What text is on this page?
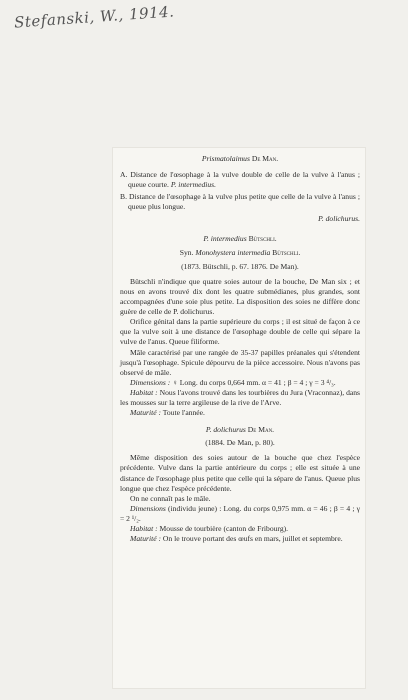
Stefanski, W., 1914.
Prismatolaimus De Man.

A. Distance de l'œsophage à la vulve double de celle de la vulve à l'anus ; queue courte. P. intermedius.

B. Distance de l'œsophage à la vulve plus petite que celle de la vulve à l'anus ; queue plus longue.

P. dolichurus.

P. intermedius Bütschli.
Syn. Monohystera intermedia Bütschli.
(1873. Bütschli, p. 67. 1876. De Man).

Bütschli n'indique que quatre soies autour de la bouche, De Man six ; et nous en avons trouvé dix dont les quatre submédianes, plus grandes, sont accompagnées d'une soie plus petite. La disposition des soies ne diffère donc guère de celle de P. dolichurus.

Orifice génital dans la partie supérieure du corps ; il est situé de façon à ce que la vulve soit à une distance de l'œsophage double de celle qui sépare la vulve de l'anus. Queue filiforme.

Mâle caractérisé par une rangée de 35-37 papilles préanales qui s'étendent jusqu'à l'œsophage. Spicule dépourvu de la pièce accessoire. Nous n'avons pas observé de mâle.

Dimensions : ♀ Long. du corps 0,664 mm. α = 41 ; β = 4 ; γ = 3 ⁴/₃.

Habitat : Nous l'avons trouvé dans les tourbières du Jura (Vraconnaz), dans les mousses sur la terre argileuse de la rive de l'Arve.

Maturité : Toute l'année.

P. dolichurus De Man.
(1884. De Man, p. 80).

Même disposition des soies autour de la bouche que chez l'espèce précédente. Vulve dans la partie antérieure du corps ; elle est située à une distance de l'œsophage plus petite que celle qui la sépare de l'anus. Queue plus longue que chez l'espèce précédente.

On ne connaît pas le mâle.

Dimensions (individu jeune) : Long. du corps 0,975 mm. α = 46 ; β = 4 ; γ = 2 ¹/₂.

Habitat : Mousse de tourbière (canton de Fribourg).

Maturité : On le trouve portant des œufs en mars, juillet et septembre.
